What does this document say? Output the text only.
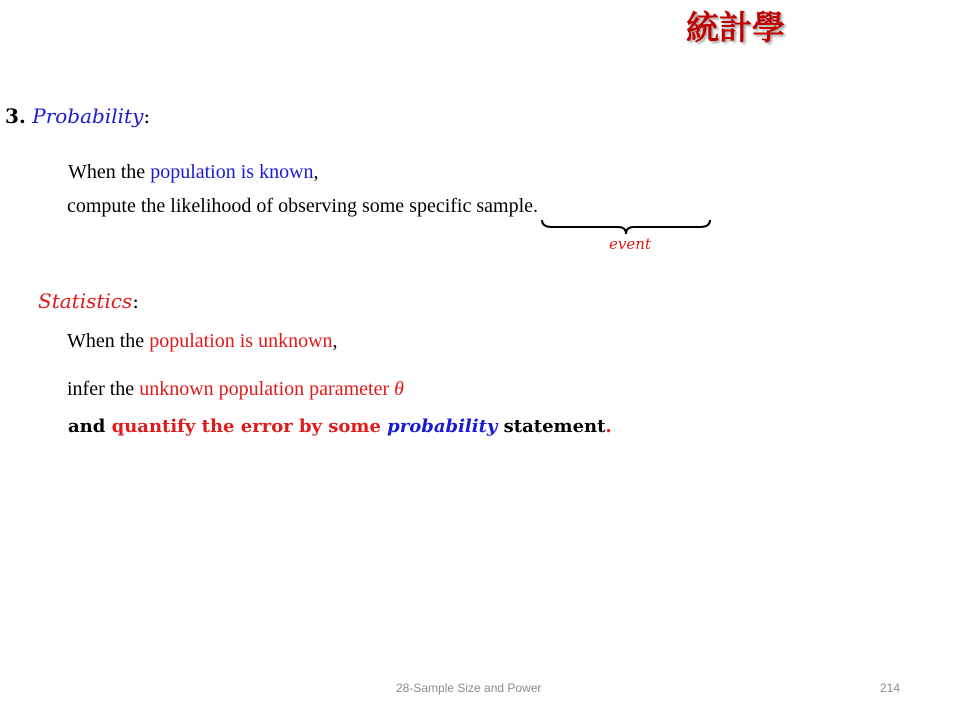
統計學
3. Probability:
When the population is known,
compute the likelihood of observing some specific sample.
event
Statistics:
When the population is unknown,
infer the unknown population parameter θ
and quantify the error by some probability statement.
28-Sample Size and Power	214
